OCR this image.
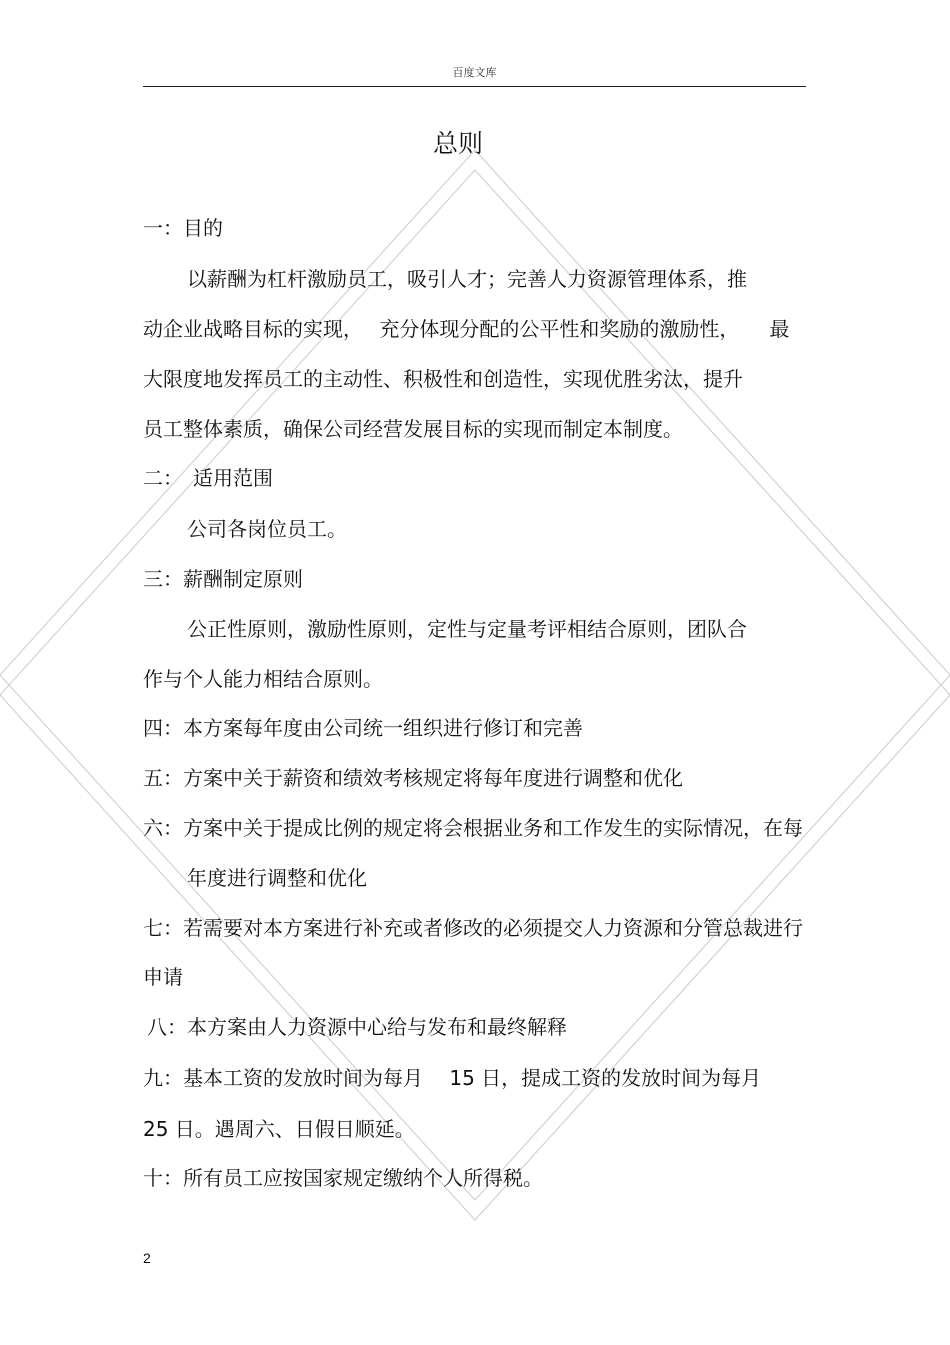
百度文库
总则
一：目的
以薪酬为杠杆激励员工，吸引人才；完善人力资源管理体系，推
动企业战略目标的实现，　 充分体现分配的公平性和奖励的激励性，　　最
大限度地发挥员工的主动性、积极性和创造性，实现优胜劣汰，提升
员工整体素质，确保公司经营发展目标的实现而制定本制度。
二：　适用范围
公司各岗位员工。
三：薪酬制定原则
公正性原则，激励性原则，定性与定量考评相结合原则，团队合
作与个人能力相结合原则。
四：本方案每年度由公司统一组织进行修订和完善
五：方案中关于薪资和绩效考核规定将每年度进行调整和优化
六：方案中关于提成比例的规定将会根据业务和工作发生的实际情况，在每
年度进行调整和优化
七：若需要对本方案进行补充或者修改的必须提交人力资源和分管总裁进行
申请
八：本方案由人力资源中心给与发布和最终解释
九：基本工资的发放时间为每月　 15 日，提成工资的发放时间为每月
25 日。遇周六、日假日顺延。
十：所有员工应按国家规定缴纳个人所得税。
2
